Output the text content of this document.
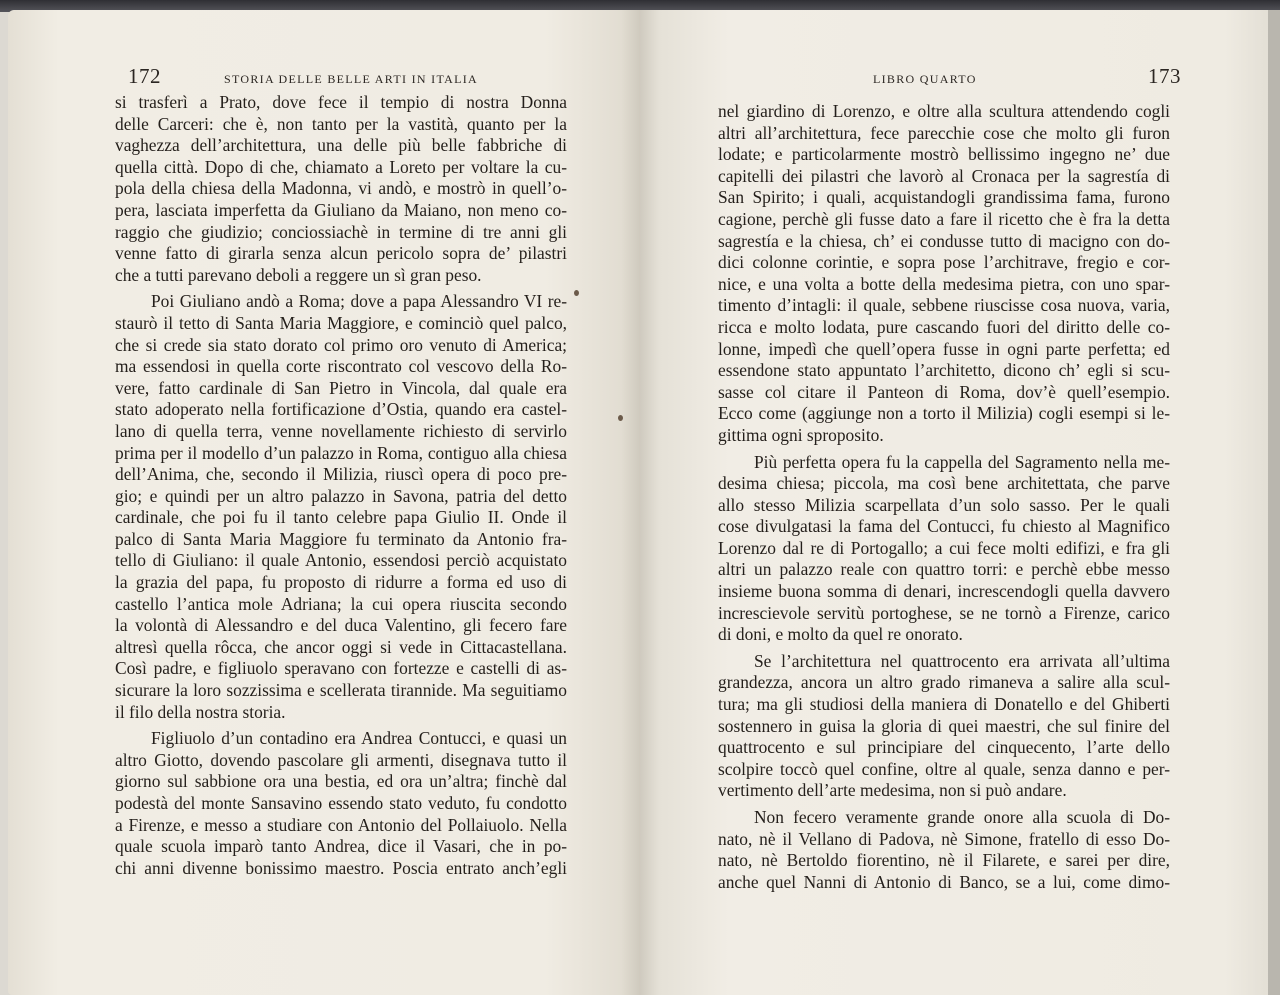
172	STORIA DELLE BELLE ARTI IN ITALIA
si trasferì a Prato, dove fece il tempio di nostra Donna
delle Carceri: che è, non tanto per la vastità, quanto per la
vaghezza dell’architettura, una delle più belle fabbriche di
quella città. Dopo di che, chiamato a Loreto per voltare la cu-
pola della chiesa della Madonna, vi andò, e mostrò in quell’o-
pera, lasciata imperfetta da Giuliano da Maiano, non meno co-
raggio che giudizio; conciossiachè in termine di tre anni gli
venne fatto di girarla senza alcun pericolo sopra de’ pilastri
che a tutti parevano deboli a reggere un sì gran peso.
Poi Giuliano andò a Roma; dove a papa Alessandro VI re-
staurò il tetto di Santa Maria Maggiore, e cominciò quel palco,
che si crede sia stato dorato col primo oro venuto di America;
ma essendosi in quella corte riscontrato col vescovo della Ro-
vere, fatto cardinale di San Pietro in Vincola, dal quale era
stato adoperato nella fortificazione d’Ostia, quando era castel-
lano di quella terra, venne novellamente richiesto di servirlo
prima per il modello d’un palazzo in Roma, contiguo alla chiesa
dell’Anima, che, secondo il Milizia, riuscì opera di poco pre-
gio; e quindi per un altro palazzo in Savona, patria del detto
cardinale, che poi fu il tanto celebre papa Giulio II. Onde il
palco di Santa Maria Maggiore fu terminato da Antonio fra-
tello di Giuliano: il quale Antonio, essendosi perciò acquistato
la grazia del papa, fu proposto di ridurre a forma ed uso di
castello l’antica mole Adriana; la cui opera riuscita secondo
la volontà di Alessandro e del duca Valentino, gli fecero fare
altresì quella rôcca, che ancor oggi si vede in Cittacastellana.
Così padre, e figliuolo speravano con fortezze e castelli di as-
sicurare la loro sozzissima e scellerata tirannide. Ma seguitiamo
il filo della nostra storia.
Figliuolo d’un contadino era Andrea Contucci, e quasi un
altro Giotto, dovendo pascolare gli armenti, disegnava tutto il
giorno sul sabbione ora una bestia, ed ora un’altra; finchè dal
podestà del monte Sansavino essendo stato veduto, fu condotto
a Firenze, e messo a studiare con Antonio del Pollaiuolo. Nella
quale scuola imparò tanto Andrea, dice il Vasari, che in po-
chi anni divenne bonissimo maestro. Poscia entrato anch’egli
LIBRO QUARTO	173
nel giardino di Lorenzo, e oltre alla scultura attendendo cogli
altri all’architettura, fece parecchie cose che molto gli furon
lodate; e particolarmente mostrò bellissimo ingegno ne’ due
capitelli dei pilastri che lavorò al Cronaca per la sagrestía di
San Spirito; i quali, acquistandogli grandissima fama, furono
cagione, perchè gli fusse dato a fare il ricetto che è fra la detta
sagrestía e la chiesa, ch’ ei condusse tutto di macigno con do-
dici colonne corintie, e sopra pose l’architrave, fregio e cor-
nice, e una volta a botte della medesima pietra, con uno spar-
timento d’intagli: il quale, sebbene riuscisse cosa nuova, varia,
ricca e molto lodata, pure cascando fuori del diritto delle co-
lonne, impedì che quell’opera fusse in ogni parte perfetta; ed
essendone stato appuntato l’architetto, dicono ch’ egli si scu-
sasse col citare il Panteon di Roma, dov’è quell’esempio.
Ecco come (aggiunge non a torto il Milizia) cogli esempi si le-
gittima ogni sproposito.
Più perfetta opera fu la cappella del Sagramento nella me-
desima chiesa; piccola, ma così bene architettata, che parve
allo stesso Milizia scarpellata d’un solo sasso. Per le quali
cose divulgatasi la fama del Contucci, fu chiesto al Magnifico
Lorenzo dal re di Portogallo; a cui fece molti edifizi, e fra gli
altri un palazzo reale con quattro torri: e perchè ebbe messo
insieme buona somma di denari, increscendogli quella davvero
increscievole servitù portoghese, se ne tornò a Firenze, carico
di doni, e molto da quel re onorato.
Se l’architettura nel quattrocento era arrivata all’ultima
grandezza, ancora un altro grado rimaneva a salire alla scul-
tura; ma gli studiosi della maniera di Donatello e del Ghiberti
sostennero in guisa la gloria di quei maestri, che sul finire del
quattrocento e sul principiare del cinquecento, l’arte dello
scolpire toccò quel confine, oltre al quale, senza danno e per-
vertimento dell’arte medesima, non si può andare.
Non fecero veramente grande onore alla scuola di Do-
nato, nè il Vellano di Padova, nè Simone, fratello di esso Do-
nato, nè Bertoldo fiorentino, nè il Filarete, e sarei per dire,
anche quel Nanni di Antonio di Banco, se a lui, come dimo-
